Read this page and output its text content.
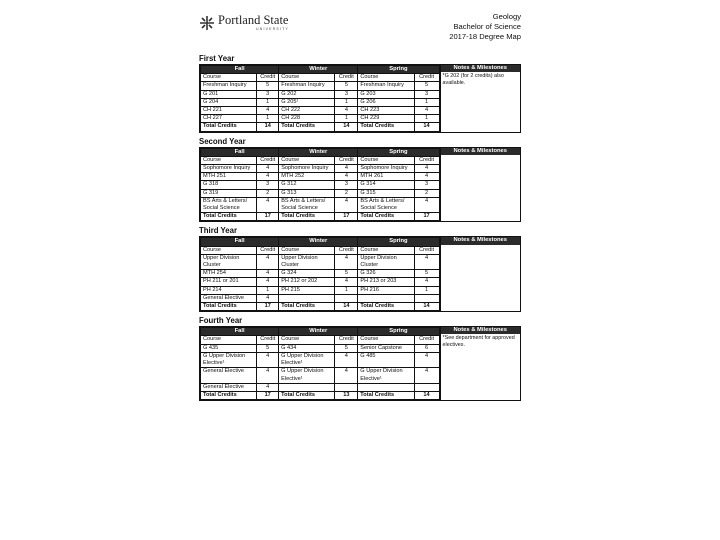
Portland State
UNIVERSITY
Geology
Bachelor of Science
2017-18 Degree Map
First Year
Fall		Winter		Spring	
Course	Credit	Course	Credit	Course	Credit
Freshman Inquiry	5	Freshman Inquiry	5	Freshman Inquiry	5
G 201	3	G 202	3	G 203	3
G 204	1	G 205¹	1	G 206	1
CH 221	4	CH 222	4	CH 223	4
CH 227	1	CH 228	1	CH 229	1
Total Credits	14	Total Credits	14	Total Credits	14
Notes & Milestones
*G 202 (for 2 credits) also available.
Second Year
Fall		Winter		Spring	
Course	Credit	Course	Credit	Course	Credit
Sophomore Inquiry	4	Sophomore Inquiry	4	Sophomore Inquiry	4
MTH 251	4	MTH 252	4	MTH 261	4
G 318	3	G 312	3	G 314	3
G 319	2	G 313	2	G 315	2
BS Arts & Letters/ Social Science	4	BS Arts & Letters/ Social Science	4	BS Arts & Letters/ Social Science	4
Total Credits	17	Total Credits	17	Total Credits	17
Notes & Milestones
Third Year
Fall		Winter		Spring	
Course	Credit	Course	Credit	Course	Credit
Upper Division Cluster	4	Upper Division Cluster	4	Upper Division Cluster	4
MTH 254	4	G 324	5	G 326	5
PH 211 or 201	4	PH 212 or 202	4	PH 213 or 203	4
PH 214	1	PH 215	1	PH 216	1
General Elective	4				
Total Credits	17	Total Credits	14	Total Credits	14
Notes & Milestones
Fourth Year
Fall		Winter		Spring	
Course	Credit	Course	Credit	Course	Credit
G 435	5	G 434	5	Senior Capstone	6
G Upper Division Elective¹	4	G Upper Division Elective¹	4	G 485	4
General Elective	4	G Upper Division Elective¹	4	G Upper Division Elective¹	4
General Elective	4				
Total Credits	17	Total Credits	13	Total Credits	14
Notes & Milestones
*See department for approved electives.
